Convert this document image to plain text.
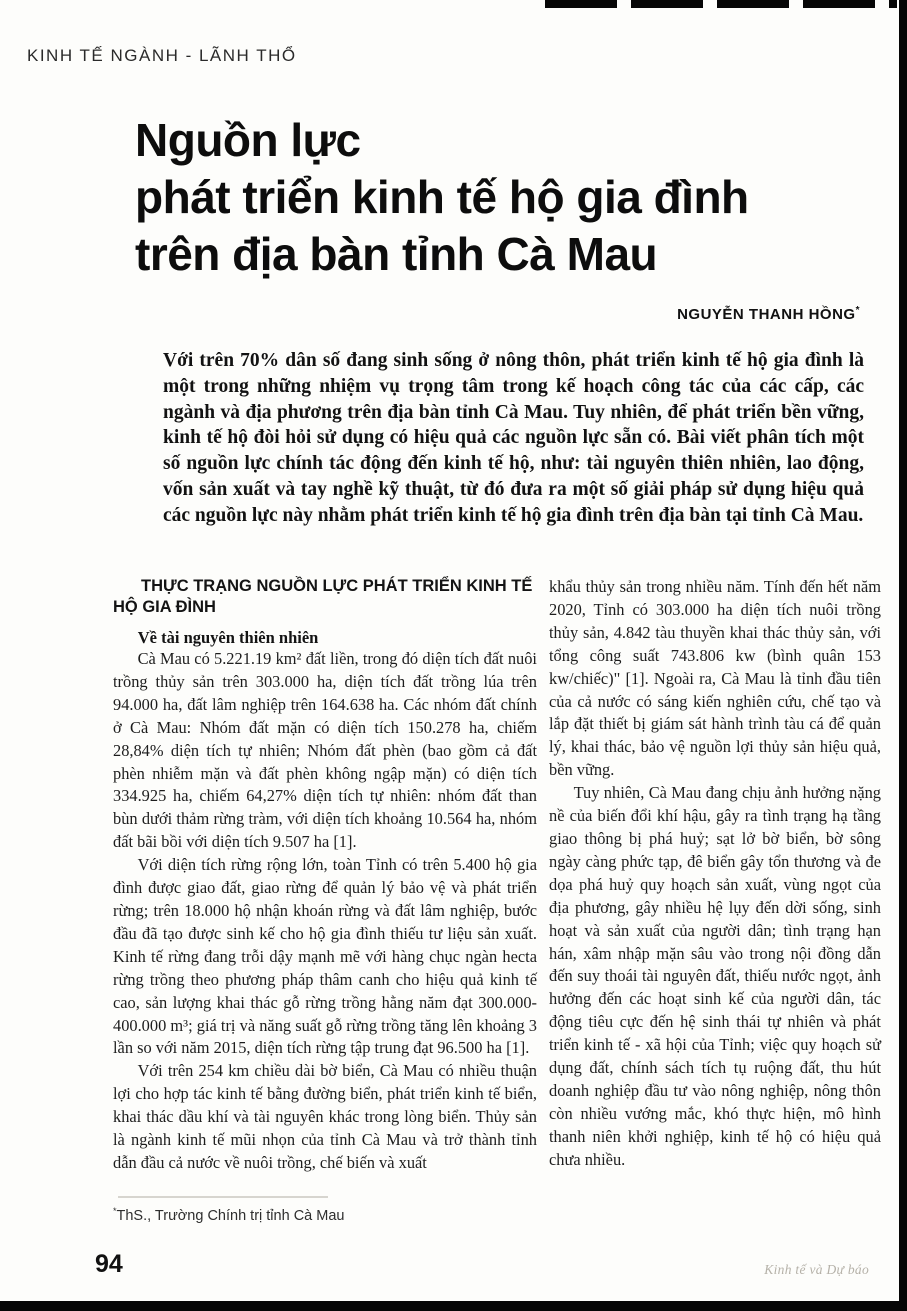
KINH TẾ NGÀNH - LÃNH THỔ
Nguồn lực
phát triển kinh tế hộ gia đình
trên địa bàn tỉnh Cà Mau
NGUYỄN THANH HỒNG*
Với trên 70% dân số đang sinh sống ở nông thôn, phát triển kinh tế hộ gia đình là một trong những nhiệm vụ trọng tâm trong kế hoạch công tác của các cấp, các ngành và địa phương trên địa bàn tỉnh Cà Mau. Tuy nhiên, để phát triển bền vững, kinh tế hộ đòi hỏi sử dụng có hiệu quả các nguồn lực sẵn có. Bài viết phân tích một số nguồn lực chính tác động đến kinh tế hộ, như: tài nguyên thiên nhiên, lao động, vốn sản xuất và tay nghề kỹ thuật, từ đó đưa ra một số giải pháp sử dụng hiệu quả các nguồn lực này nhằm phát triển kinh tế hộ gia đình trên địa bàn tại tỉnh Cà Mau.
THỰC TRẠNG NGUỒN LỰC PHÁT TRIỂN KINH TẾ HỘ GIA ĐÌNH
Về tài nguyên thiên nhiên

Cà Mau có 5.221.19 km² đất liền, trong đó diện tích đất nuôi trồng thủy sản trên 303.000 ha, diện tích đất trồng lúa trên 94.000 ha, đất lâm nghiệp trên 164.638 ha. Các nhóm đất chính ở Cà Mau: Nhóm đất mặn có diện tích 150.278 ha, chiếm 28,84% diện tích tự nhiên; Nhóm đất phèn (bao gồm cả đất phèn nhiễm mặn và đất phèn không ngập mặn) có diện tích 334.925 ha, chiếm 64,27% diện tích tự nhiên: nhóm đất than bùn dưới thảm rừng tràm, với diện tích khoảng 10.564 ha, nhóm đất bãi bồi với diện tích 9.507 ha [1].

Với diện tích rừng rộng lớn, toàn Tỉnh có trên 5.400 hộ gia đình được giao đất, giao rừng để quản lý bảo vệ và phát triển rừng; trên 18.000 hộ nhận khoán rừng và đất lâm nghiệp, bước đầu đã tạo được sinh kế cho hộ gia đình thiếu tư liệu sản xuất. Kinh tế rừng đang trỗi dậy mạnh mẽ với hàng chục ngàn hecta rừng trồng theo phương pháp thâm canh cho hiệu quả kinh tế cao, sản lượng khai thác gỗ rừng trồng hằng năm đạt 300.000-400.000 m³; giá trị và năng suất gỗ rừng trồng tăng lên khoảng 3 lần so với năm 2015, diện tích rừng tập trung đạt 96.500 ha [1].

Với trên 254 km chiều dài bờ biển, Cà Mau có nhiều thuận lợi cho hợp tác kinh tế bằng đường biển, phát triển kinh tế biển, khai thác dầu khí và tài nguyên khác trong lòng biển. Thủy sản là ngành kinh tế mũi nhọn của tỉnh Cà Mau và trở thành tỉnh dẫn đầu cả nước về nuôi trồng, chế biến và xuất

khẩu thủy sản trong nhiều năm. Tính đến hết năm 2020, Tỉnh có 303.000 ha diện tích nuôi trồng thủy sản, 4.842 tàu thuyền khai thác thủy sản, với tổng công suất 743.806 kw (bình quân 153 kw/chiếc)" [1]. Ngoài ra, Cà Mau là tỉnh đầu tiên của cả nước có sáng kiến nghiên cứu, chế tạo và lắp đặt thiết bị giám sát hành trình tàu cá để quản lý, khai thác, bảo vệ nguồn lợi thủy sản hiệu quả, bền vững.

Tuy nhiên, Cà Mau đang chịu ảnh hưởng nặng nề của biến đổi khí hậu, gây ra tình trạng hạ tầng giao thông bị phá huỷ; sạt lở bờ biển, bờ sông ngày càng phức tạp, đê biển gây tổn thương và đe dọa phá huỷ quy hoạch sản xuất, vùng ngọt của địa phương, gây nhiều hệ lụy đến dời sống, sinh hoạt và sản xuất của người dân; tình trạng hạn hán, xâm nhập mặn sâu vào trong nội đồng dẫn đến suy thoái tài nguyên đất, thiếu nước ngọt, ảnh hưởng đến các hoạt sinh kế của người dân, tác động tiêu cực đến hệ sinh thái tự nhiên và phát triển kinh tế - xã hội của Tỉnh; việc quy hoạch sử dụng đất, chính sách tích tụ ruộng đất, thu hút doanh nghiệp đầu tư vào nông nghiệp, nông thôn còn nhiều vướng mắc, khó thực hiện, mô hình thanh niên khởi nghiệp, kinh tế hộ có hiệu quả chưa nhiều.

*ThS., Trường Chính trị tỉnh Cà Mau
94	Kinh tế và Dự báo
